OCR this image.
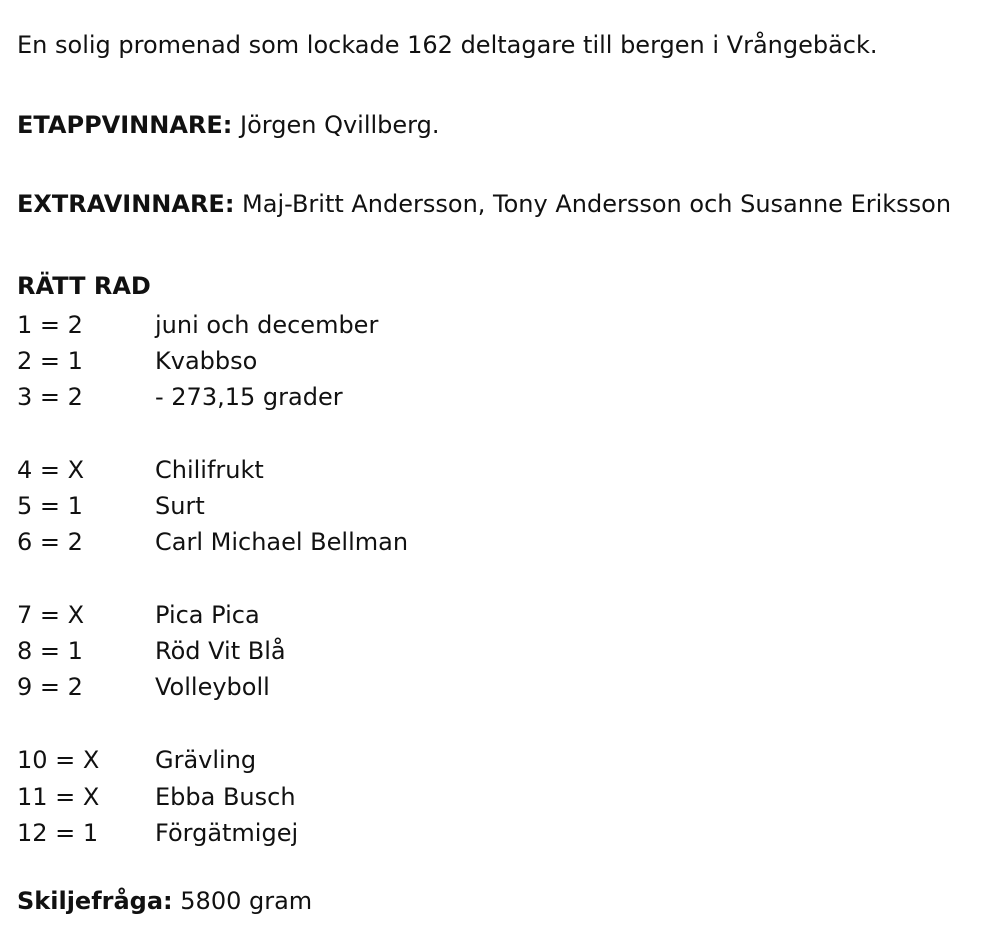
En solig promenad som lockade 162 deltagare till bergen i Vrångebäck.
ETAPPVINNARE: Jörgen Qvillberg.
EXTRAVINNARE: Maj-Britt Andersson, Tony Andersson och Susanne Eriksson
RÄTT RAD
1 = 2	juni och december
2 = 1	Kvabbso
3 = 2	- 273,15 grader
4 = X	Chilifrukt
5 = 1	Surt
6 = 2	Carl Michael Bellman
7 = X	Pica Pica
8 = 1	Röd Vit Blå
9 = 2	Volleyboll
10 = X Grävling
11 = X Ebba Busch
12 = 1 Förgätmigej
Skiljefråga: 5800 gram
